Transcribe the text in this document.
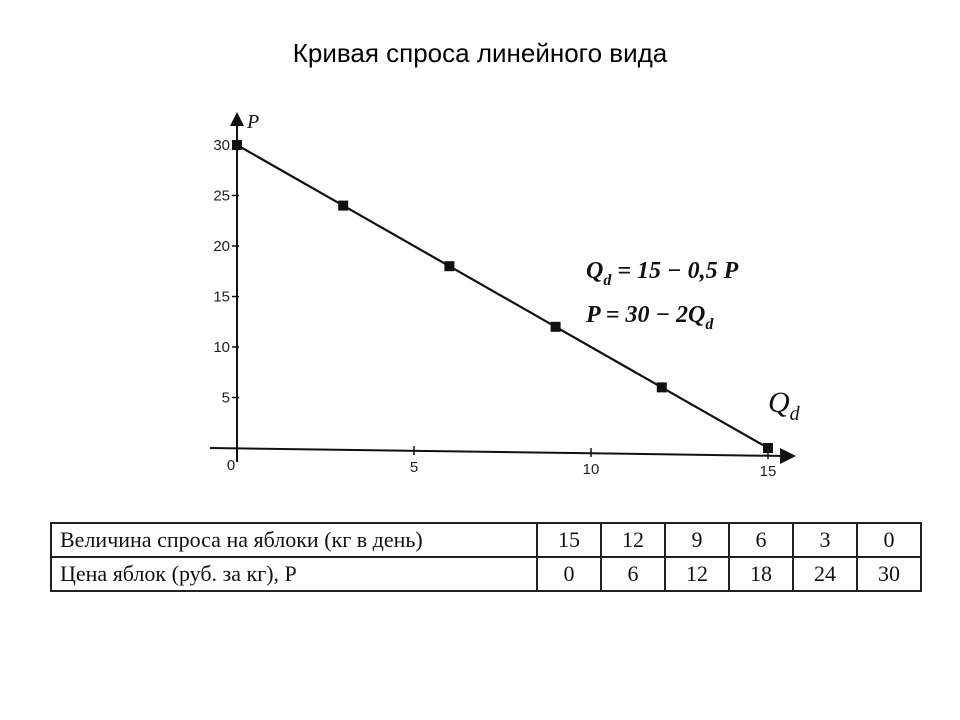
Кривая спроса линейного вида
5
10
15
20
25
30
0	5	10	15
P
$Q_d$
$Q_d = 15 - 0,5$ P
$P = 30 - 2Q_d$
Величина спроса на яблоки (кг в день)	15	12	9	6	3	0
Цена яблок (руб. за кг), P	0	6	12	18	24	30
